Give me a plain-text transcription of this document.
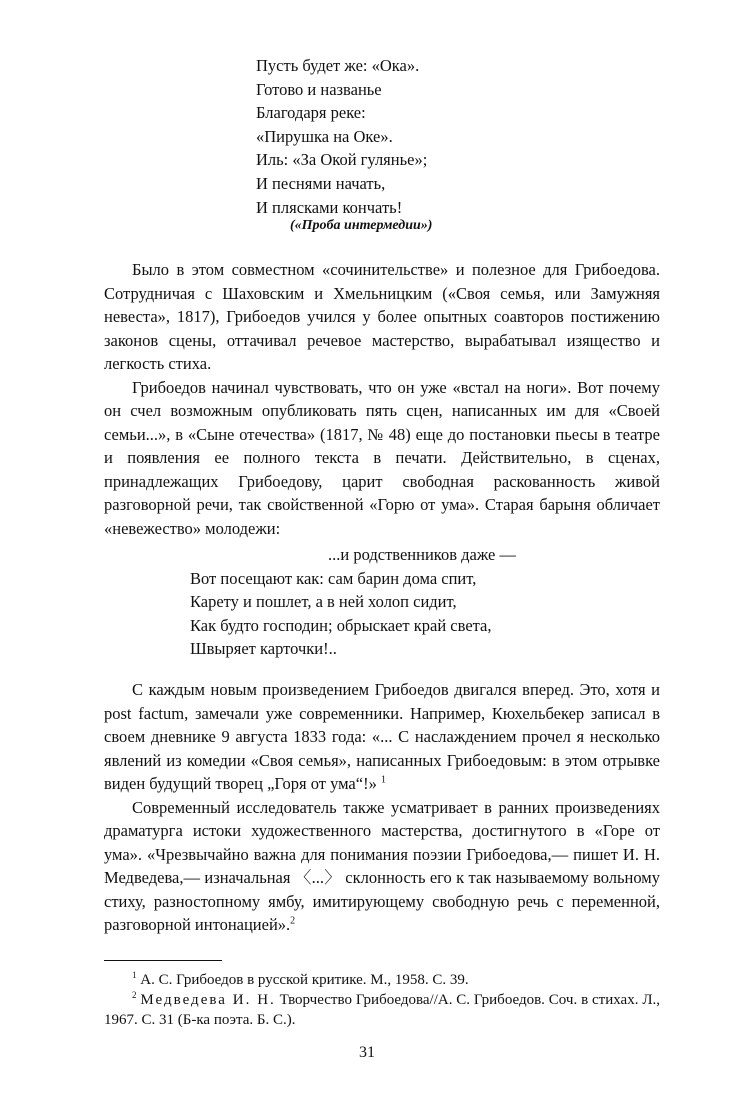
Пусть будет же: «Ока».
Готово и названье
Благодаря реке:
«Пирушка на Оке».
Иль: «За Окой гулянье»;
И песнями начать,
И плясками кончать!
(«Проба интермедии»)

Было в этом совместном «сочинительстве» и полезное для Грибоедова. Сотрудничая с Шаховским и Хмельницким («Своя семья, или Замужняя невеста», 1817), Грибоедов учился у более опытных соавторов постижению законов сцены, оттачивал речевое мастерство, вырабатывал изящество и легкость стиха.

Грибоедов начинал чувствовать, что он уже «встал на ноги». Вот почему он счел возможным опубликовать пять сцен, написанных им для «Своей семьи...», в «Сыне отечества» (1817, № 48) еще до постановки пьесы в театре и появления ее полного текста в печати. Действительно, в сценах, принадлежащих Грибоедову, царит свободная раскованность живой разговорной речи, так свойственной «Горю от ума». Старая барыня обличает «невежество» молодежи:

...и родственников даже —
Вот посещают как: сам барин дома спит,
Карету и пошлет, а в ней холоп сидит,
Как будто господин; обрыскает край света,
Швыряет карточки!..

С каждым новым произведением Грибоедов двигался вперед. Это, хотя и post factum, замечали уже современники. Например, Кюхельбекер записал в своем дневнике 9 августа 1833 года: «... С наслаждением прочел я несколько явлений из комедии «Своя семья», написанных Грибоедовым: в этом отрывке виден будущий творец „Горя от ума“!» $^1$

Современный исследователь также усматривает в ранних произведениях драматурга истоки художественного мастерства, достигнутого в «Горе от ума». «Чрезвычайно важна для понимания поэзии Грибоедова,— пишет И. Н. Медведева,— изначальная 〈...〉 склонность его к так называемому вольному стиху, разностопному ямбу, имитирующему свободную речь с переменной, разговорной интонацией».$^2$

$^1$ А. С. Грибоедов в русской критике. М., 1958. С. 39.

$^2$ Медведева И. Н. Творчество Грибоедова//А. С. Грибоедов. Соч. в стихах. Л., 1967. С. 31 (Б-ка поэта. Б. С.).

31
